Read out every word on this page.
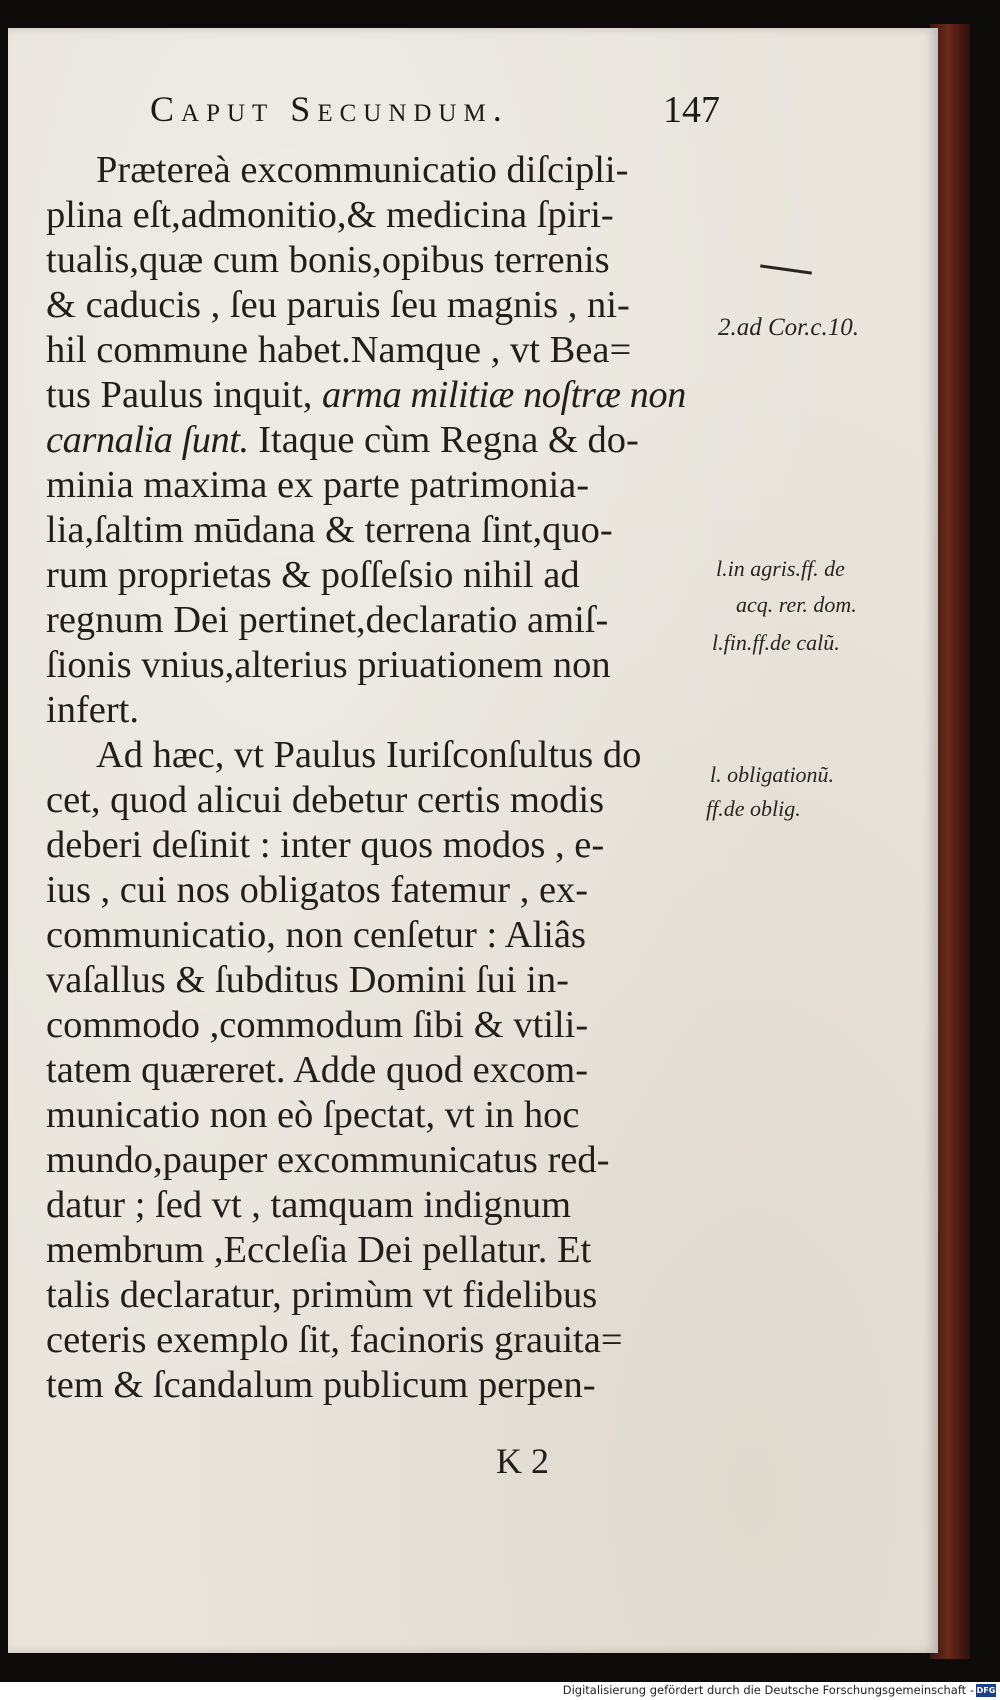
Caput Secundum.	147
Prætereà excommunicatio diſcipli-
plina eſt,admonitio,& medicina ſpiri-
tualis,quæ cum bonis,opibus terrenis
& caducis , ſeu paruis ſeu magnis , ni-
hil commune habet.Namque , vt Bea=
tus Paulus inquit, arma militiæ noſtræ non
carnalia ſunt. Itaque cùm Regna & do-
minia maxima ex parte patrimonia-
lia,ſaltim mūdana & terrena ſint,quo-
rum proprietas & poſſeſsio nihil ad
regnum Dei pertinet,declaratio amiſ-
ſionis vnius,alterius priuationem non
infert.
Ad hæc, vt Paulus Iuriſconſultus do
cet, quod alicui debetur certis modis
deberi deſinit : inter quos modos , e-
ius , cui nos obligatos fatemur , ex-
communicatio, non cenſetur : Aliâs
vaſallus & ſubditus Domini ſui in-
commodo ,commodum ſibi & vtili-
tatem quæreret. Adde quod excom-
municatio non eò ſpectat, vt in hoc
mundo,pauper excommunicatus red-
datur ; ſed vt , tamquam indignum
membrum ,Eccleſia Dei pellatur. Et
talis declaratur, primùm vt fidelibus
ceteris exemplo ſit, facinoris grauita=
tem & ſcandalum publicum perpen-
2.ad Cor.c.10.
l.in agris.ff. de
acq. rer. dom.
l.fin.ff.de calũ.
l. obligationũ.
ff.de oblig.
K 2
Digitalisierung gefördert durch die Deutsche Forschungsgemeinschaft - DFG
